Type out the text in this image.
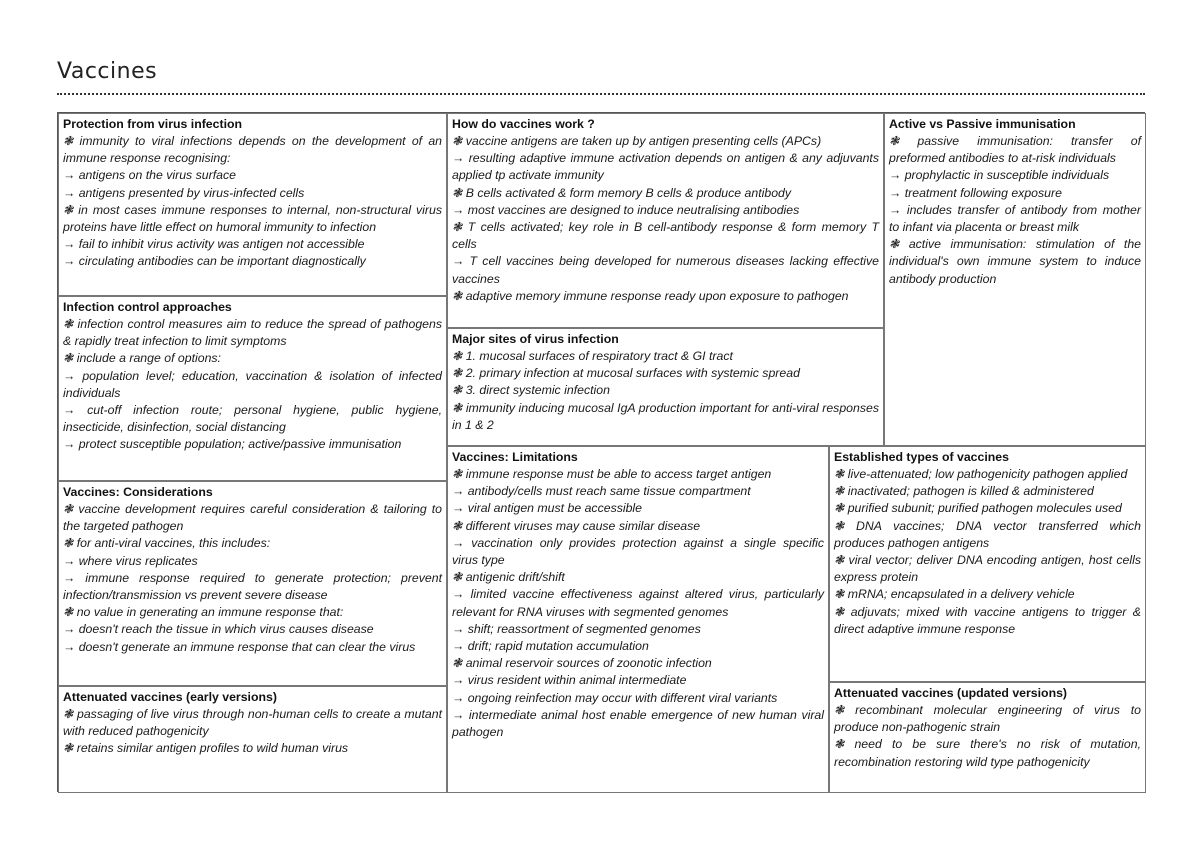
Vaccines
Protection from virus infection
❃ immunity to viral infections depends on the development of an immune response recognising:
→ antigens on the virus surface
→ antigens presented by virus-infected cells
❃ in most cases immune responses to internal, non-structural virus proteins have little effect on humoral immunity to infection
→ fail to inhibit virus activity was antigen not accessible
→ circulating antibodies can be important diagnostically
Infection control approaches
❃ infection control measures aim to reduce the spread of pathogens & rapidly treat infection to limit symptoms
❃ include a range of options:
→ population level; education, vaccination & isolation of infected individuals
→ cut-off infection route; personal hygiene, public hygiene, insecticide, disinfection, social distancing
→ protect susceptible population; active/passive immunisation
Vaccines: Considerations
❃ vaccine development requires careful consideration & tailoring to the targeted pathogen
❃ for anti-viral vaccines, this includes:
→ where virus replicates
→ immune response required to generate protection; prevent infection/transmission vs prevent severe disease
❃ no value in generating an immune response that:
→ doesn't reach the tissue in which virus causes disease
→ doesn't generate an immune response that can clear the virus
Attenuated vaccines (early versions)
❃ passaging of live virus through non-human cells to create a mutant with reduced pathogenicity
❃ retains similar antigen profiles to wild human virus
How do vaccines work ?
❃ vaccine antigens are taken up by antigen presenting cells (APCs)
→ resulting adaptive immune activation depends on antigen & any adjuvants applied tp activate immunity
❃ B cells activated & form memory B cells & produce antibody
→ most vaccines are designed to induce neutralising antibodies
❃ T cells activated; key role in B cell-antibody response & form memory T cells
→ T cell vaccines being developed for numerous diseases lacking effective vaccines
❃ adaptive memory immune response ready upon exposure to pathogen
Major sites of virus infection
❃ 1. mucosal surfaces of respiratory tract & GI tract
❃ 2. primary infection at mucosal surfaces with systemic spread
❃ 3. direct systemic infection
❃ immunity inducing mucosal IgA production important for anti-viral responses in 1 & 2
Active vs Passive immunisation
❃ passive immunisation: transfer of preformed antibodies to at-risk individuals
→ prophylactic in susceptible individuals
→ treatment following exposure
→ includes transfer of antibody from mother to infant via placenta or breast milk
❃ active immunisation: stimulation of the individual's own immune system to induce antibody production
Vaccines: Limitations
❃ immune response must be able to access target antigen
→ antibody/cells must reach same tissue compartment
→ viral antigen must be accessible
❃ different viruses may cause similar disease
→ vaccination only provides protection against a single specific virus type
❃ antigenic drift/shift
→ limited vaccine effectiveness against altered virus, particularly relevant for RNA viruses with segmented genomes
→ shift; reassortment of segmented genomes
→ drift; rapid mutation accumulation
❃ animal reservoir sources of zoonotic infection
→ virus resident within animal intermediate
→ ongoing reinfection may occur with different viral variants
→ intermediate animal host enable emergence of new human viral pathogen
Established types of vaccines
❃ live-attenuated; low pathogenicity pathogen applied
❃ inactivated; pathogen is killed & administered
❃ purified subunit; purified pathogen molecules used
❃ DNA vaccines; DNA vector transferred which produces pathogen antigens
❃ viral vector; deliver DNA encoding antigen, host cells express protein
❃ mRNA; encapsulated in a delivery vehicle
❃ adjuvats; mixed with vaccine antigens to trigger & direct adaptive immune response
Attenuated vaccines (updated versions)
❃ recombinant molecular engineering of virus to produce non-pathogenic strain
❃ need to be sure there's no risk of mutation, recombination restoring wild type pathogenicity
